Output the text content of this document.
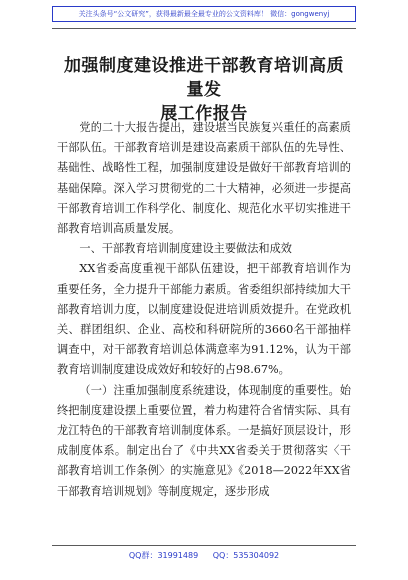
关注头条号“公文研究”，获得最新最全最专业的公文资料库！ 微信：gongwenyj
加强制度建设推进干部教育培训高质量发
展工作报告

党的二十大报告提出，建设堪当民族复兴重任的高素质干部队伍。干部教育培训是建设高素质干部队伍的先导性、基础性、战略性工程，加强制度建设是做好干部教育培训的基础保障。深入学习贯彻党的二十大精神，必须进一步提高干部教育培训工作科学化、制度化、规范化水平切实推进干部教育培训高质量发展。

一、干部教育培训制度建设主要做法和成效

XX省委高度重视干部队伍建设，把干部教育培训作为重要任务，全力提升干部能力素质。省委组织部持续加大干部教育培训力度，以制度建设促进培训质效提升。在党政机关、群团组织、企业、高校和科研院所的3660名干部抽样调查中，对干部教育培训总体满意率为91.12%，认为干部教育培训制度建设成效好和较好的占98.67%。

（一）注重加强制度系统建设，体现制度的重要性。始终把制度建设摆上重要位置，着力构建符合省情实际、具有龙江特色的干部教育培训制度体系。一是搞好顶层设计，形成制度体系。制定出台了《中共XX省委关于贯彻落实〈干部教育培训工作条例〉的实施意见》《2018—2022年XX省干部教育培训规划》等制度规定，逐步形成

QQ群：31991489 QQ：535304092
